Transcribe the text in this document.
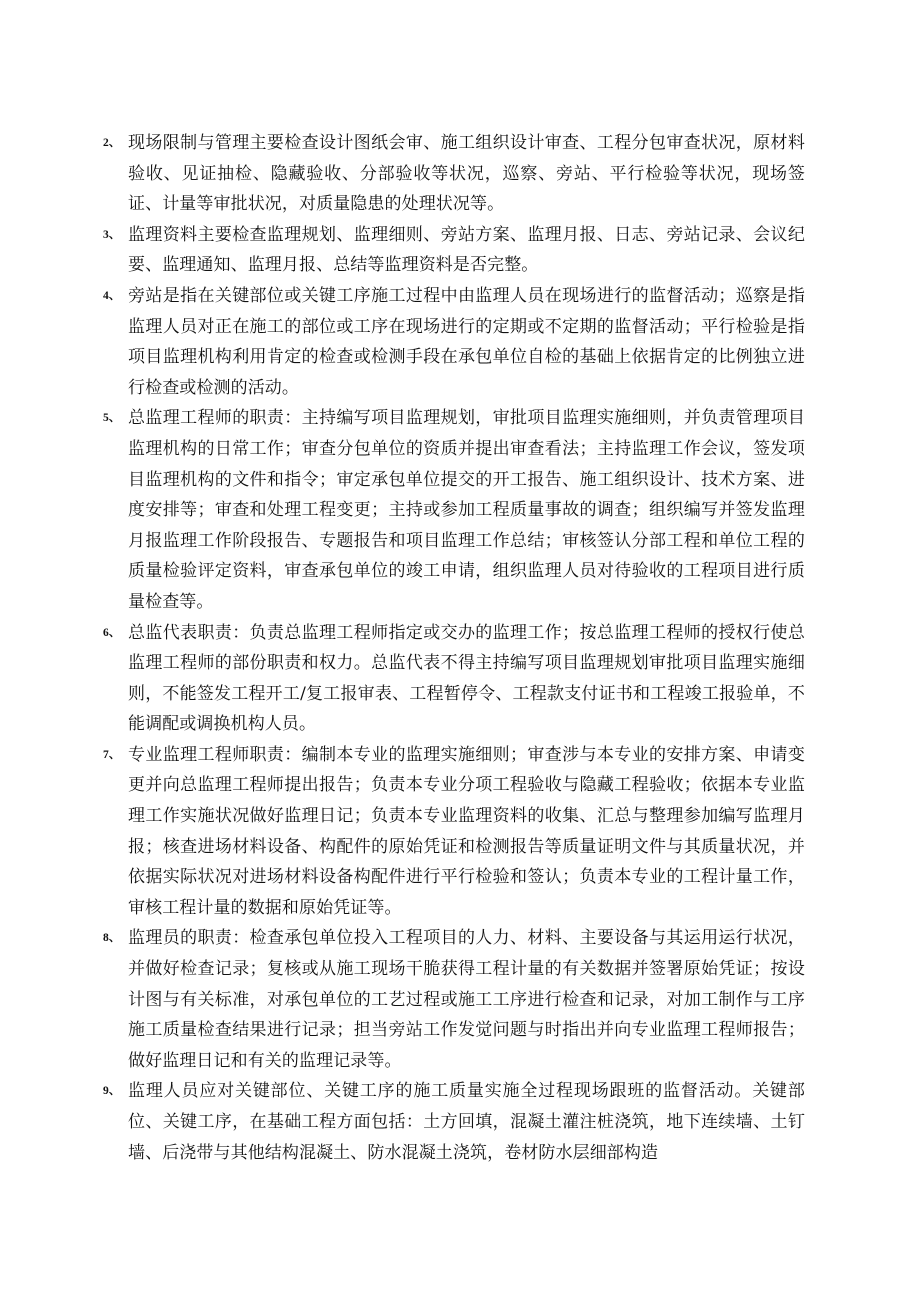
2、 现场限制与管理主要检查设计图纸会审、施工组织设计审查、工程分包审查状况，原材料验收、见证抽检、隐藏验收、分部验收等状况，巡察、旁站、平行检验等状况，现场签证、计量等审批状况，对质量隐患的处理状况等。
3、 监理资料主要检查监理规划、监理细则、旁站方案、监理月报、日志、旁站记录、会议纪要、监理通知、监理月报、总结等监理资料是否完整。
4、 旁站是指在关键部位或关键工序施工过程中由监理人员在现场进行的监督活动；巡察是指监理人员对正在施工的部位或工序在现场进行的定期或不定期的监督活动；平行检验是指项目监理机构利用肯定的检查或检测手段在承包单位自检的基础上依据肯定的比例独立进行检查或检测的活动。
5、 总监理工程师的职责：主持编写项目监理规划，审批项目监理实施细则，并负责管理项目监理机构的日常工作；审查分包单位的资质并提出审查看法；主持监理工作会议，签发项目监理机构的文件和指令；审定承包单位提交的开工报告、施工组织设计、技术方案、进度安排等；审查和处理工程变更；主持或参加工程质量事故的调查；组织编写并签发监理月报监理工作阶段报告、专题报告和项目监理工作总结；审核签认分部工程和单位工程的质量检验评定资料，审查承包单位的竣工申请，组织监理人员对待验收的工程项目进行质量检查等。
6、 总监代表职责：负责总监理工程师指定或交办的监理工作；按总监理工程师的授权行使总监理工程师的部份职责和权力。总监代表不得主持编写项目监理规划审批项目监理实施细则，不能签发工程开工/复工报审表、工程暂停令、工程款支付证书和工程竣工报验单，不能调配或调换机构人员。
7、 专业监理工程师职责：编制本专业的监理实施细则；审查涉与本专业的安排方案、申请变更并向总监理工程师提出报告；负责本专业分项工程验收与隐藏工程验收；依据本专业监理工作实施状况做好监理日记；负责本专业监理资料的收集、汇总与整理参加编写监理月报；核查进场材料设备、构配件的原始凭证和检测报告等质量证明文件与其质量状况，并依据实际状况对进场材料设备构配件进行平行检验和签认；负责本专业的工程计量工作，审核工程计量的数据和原始凭证等。
8、 监理员的职责：检查承包单位投入工程项目的人力、材料、主要设备与其运用运行状况，并做好检查记录；复核或从施工现场干脆获得工程计量的有关数据并签署原始凭证；按设计图与有关标准，对承包单位的工艺过程或施工工序进行检查和记录，对加工制作与工序施工质量检查结果进行记录；担当旁站工作发觉问题与时指出并向专业监理工程师报告；做好监理日记和有关的监理记录等。
9、 监理人员应对关键部位、关键工序的施工质量实施全过程现场跟班的监督活动。关键部位、关键工序，在基础工程方面包括：土方回填，混凝土灌注桩浇筑，地下连续墙、土钉墙、后浇带与其他结构混凝土、防水混凝土浇筑，卷材防水层细部构造
